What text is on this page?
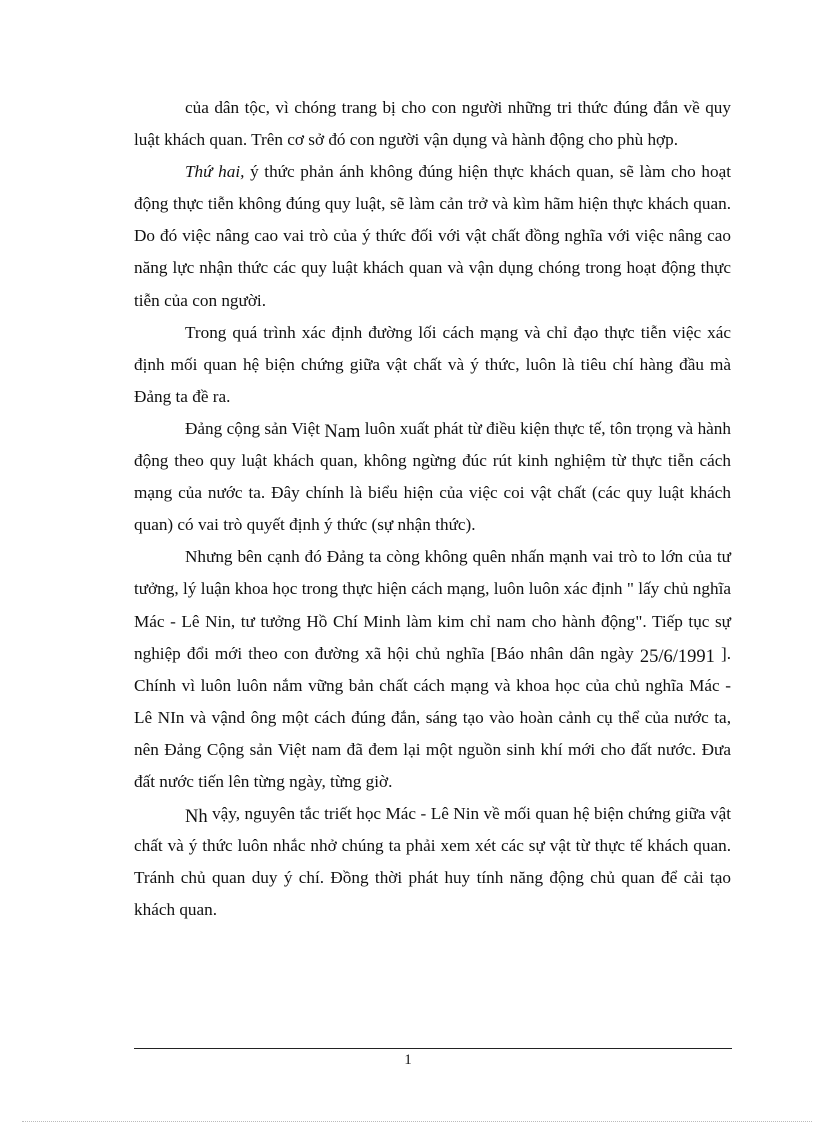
của dân tộc, vì chóng trang bị cho con người những tri thức đúng đắn về quy luật khách quan. Trên cơ sở đó con người vận dụng và hành động cho phù hợp.

Thứ hai, ý thức phản ánh không đúng hiện thực khách quan, sẽ làm cho hoạt động thực tiễn không đúng quy luật, sẽ làm cản trở và kìm hãm hiện thực khách quan. Do đó việc nâng cao vai trò của ý thức đối với vật chất đồng nghĩa với việc nâng cao năng lực nhận thức các quy luật khách quan và vận dụng chóng trong hoạt động thực tiễn của con người.

Trong quá trình xác định đường lối cách mạng và chỉ đạo thực tiễn việc xác định mối quan hệ biện chứng giữa vật chất và ý thức, luôn là tiêu chí hàng đầu mà Đảng ta đề ra.

Đảng cộng sản Việt Nam luôn xuất phát từ điều kiện thực tế, tôn trọng và hành động theo quy luật khách quan, không ngừng đúc rút kinh nghiệm từ thực tiễn cách mạng của nước ta. Đây chính là biểu hiện của việc coi vật chất (các quy luật khách quan) có vai trò quyết định ý thức (sự nhận thức).

Nhưng bên cạnh đó Đảng ta còng không quên nhấn mạnh vai trò to lớn của tư tưởng, lý luận khoa học trong thực hiện cách mạng, luôn luôn xác định " lấy chủ nghĩa Mác - Lê Nin, tư tưởng Hồ Chí Minh làm kim chỉ nam cho hành động". Tiếp tục sự nghiệp đổi mới theo con đường xã hội chủ nghĩa [Báo nhân dân ngày 25/6/1991 ]. Chính vì luôn luôn nắm vững bản chất cách mạng và khoa học của chủ nghĩa Mác - Lê NIn và vậnd ông một cách đúng đắn, sáng tạo vào hoàn cảnh cụ thể của nước ta, nên Đảng Cộng sản Việt nam đã đem lại một nguồn sinh khí mới cho đất nước. Đưa đất nước tiến lên từng ngày, từng giờ.

Nh vậy, nguyên tắc triết học Mác - Lê Nin về mối quan hệ biện chứng giữa vật chất và ý thức luôn nhắc nhở chúng ta phải xem xét các sự vật từ thực tế khách quan. Tránh chủ quan duy ý chí. Đồng thời phát huy tính năng động chủ quan để cải tạo khách quan.

1
